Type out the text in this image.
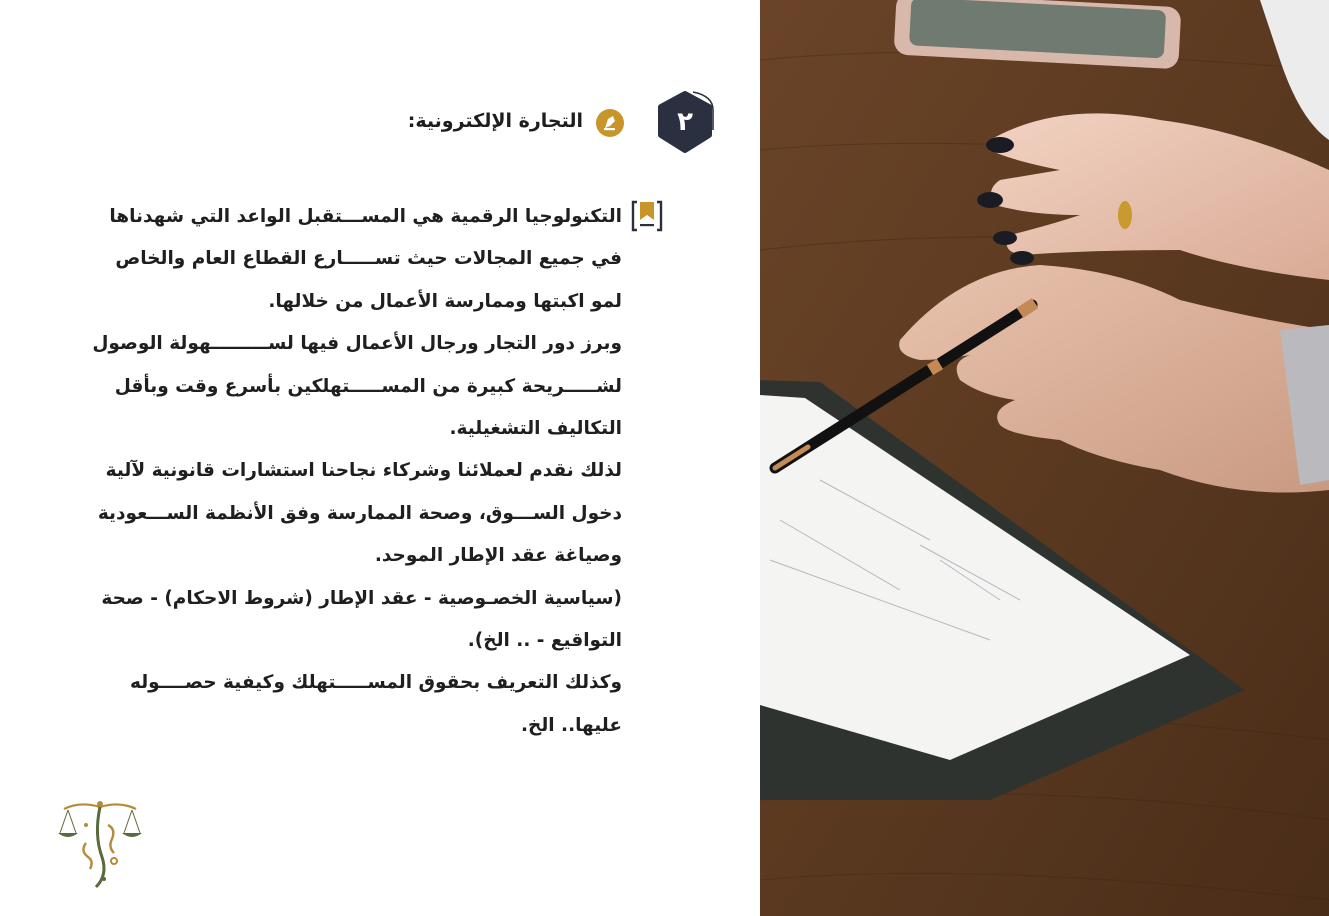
٢
التجارة الإلكترونية:
التكنولوجيا الرقمية هي المســـتقبل الواعد التي شهدناها
في جميع المجالات حيث تســـــارع القطاع العام والخاص
لمو اكبتها وممارسة الأعمال من خلالها.
وبرز دور التجار ورجال الأعمال فيها لســـــــــهولة الوصول
لشـــــريحة كبيرة من المســـــتهلكين بأسرع وقت وبأقل
التكاليف التشغيلية.
لذلك نقدم لعملائنا وشركاء نجاحنا استشارات قانونية لآلية
دخول الســـوق، وصحة الممارسة وفق الأنظمة الســـعودية
وصياغة عقد الإطار الموحد.
(سياسية الخصـوصية - عقد الإطار (شروط الاحكام) - صحة
التواقيع - .. الخ).
وكذلك التعريف بحقوق المســـــتهلك وكيفية حصــــوله
عليها.. الخ.
